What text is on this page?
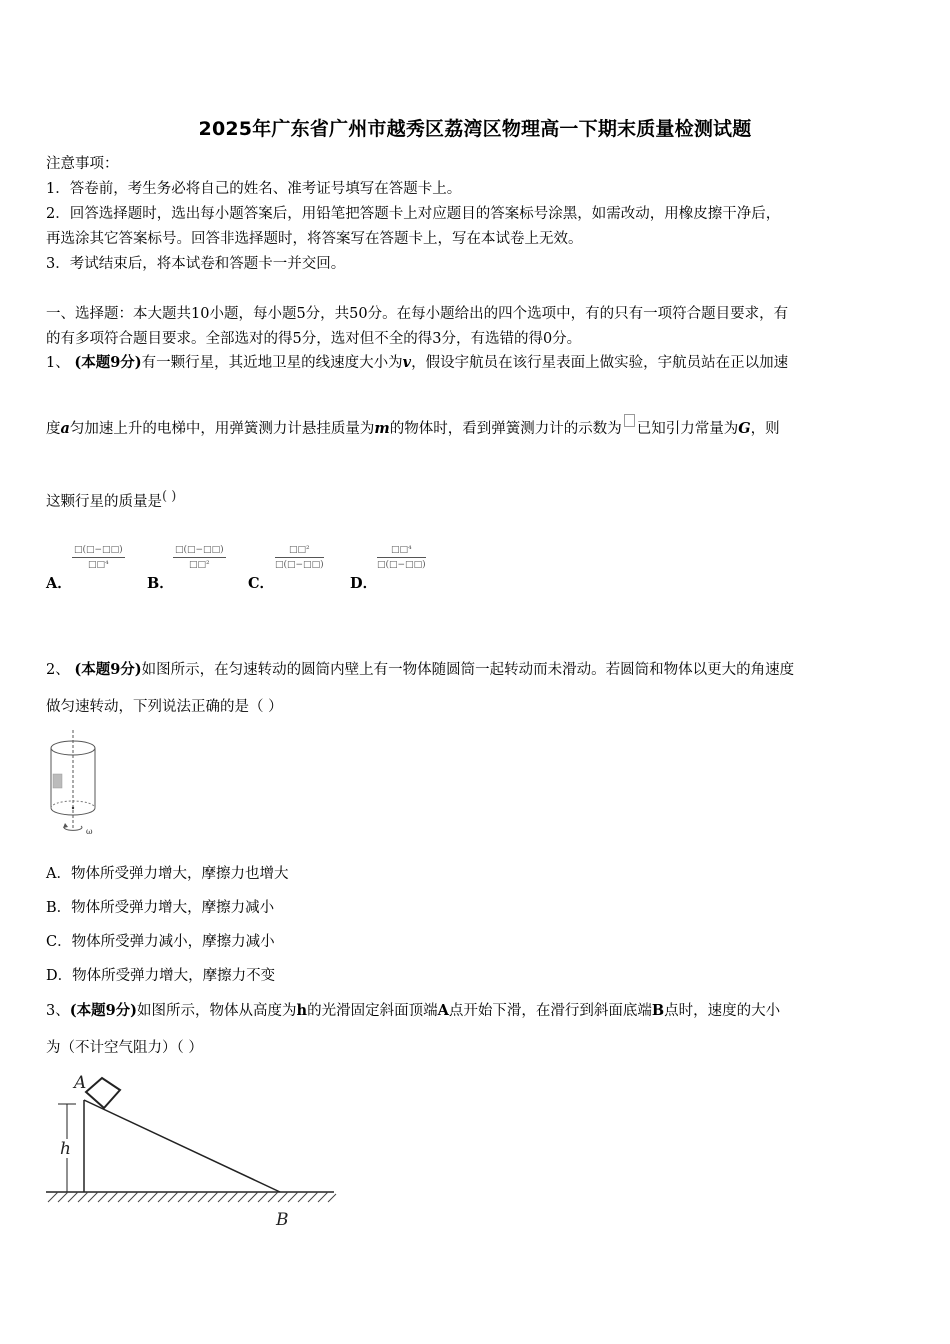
2025年广东省广州市越秀区荔湾区物理高一下期末质量检测试题
注意事项：
1．答卷前，考生务必将自己的姓名、准考证号填写在答题卡上。
2．回答选择题时，选出每小题答案后，用铅笔把答题卡上对应题目的答案标号涂黑，如需改动，用橡皮擦干净后，
再选涂其它答案标号。回答非选择题时，将答案写在答题卡上，写在本试卷上无效。
3．考试结束后，将本试卷和答题卡一并交回。
一、选择题：本大题共10小题，每小题5分，共50分。在每小题给出的四个选项中，有的只有一项符合题目要求，有
的有多项符合题目要求。全部选对的得5分，选对但不全的得3分，有选错的得0分。
1、 (本题9分)有一颗行星，其近地卫星的线速度大小为v，假设宇航员在该行星表面上做实验，宇航员站在正以加速
度a匀加速上升的电梯中，用弹簧测力计悬挂质量为m的物体时，看到弹簧测力计的示数为 已知引力常量为G，则
这颗行星的质量是( )
A．
□(□−□□)
□□⁴
B．
□(□−□□)
□□²
C．
□□²
□(□−□□)
D．
□□⁴
□(□−□□)
2、 (本题9分)如图所示，在匀速转动的圆筒内壁上有一物体随圆筒一起转动而未滑动。若圆筒和物体以更大的角速度
做匀速转动，下列说法正确的是（ ）
ω
A．物体所受弹力增大，摩擦力也增大
B．物体所受弹力增大，摩擦力减小
C．物体所受弹力减小，摩擦力减小
D．物体所受弹力增大，摩擦力不变
3、(本题9分)如图所示，物体从高度为h的光滑固定斜面顶端A点开始下滑，在滑行到斜面底端B点时，速度的大小
为（不计空气阻力）（ ）
h
A
B
